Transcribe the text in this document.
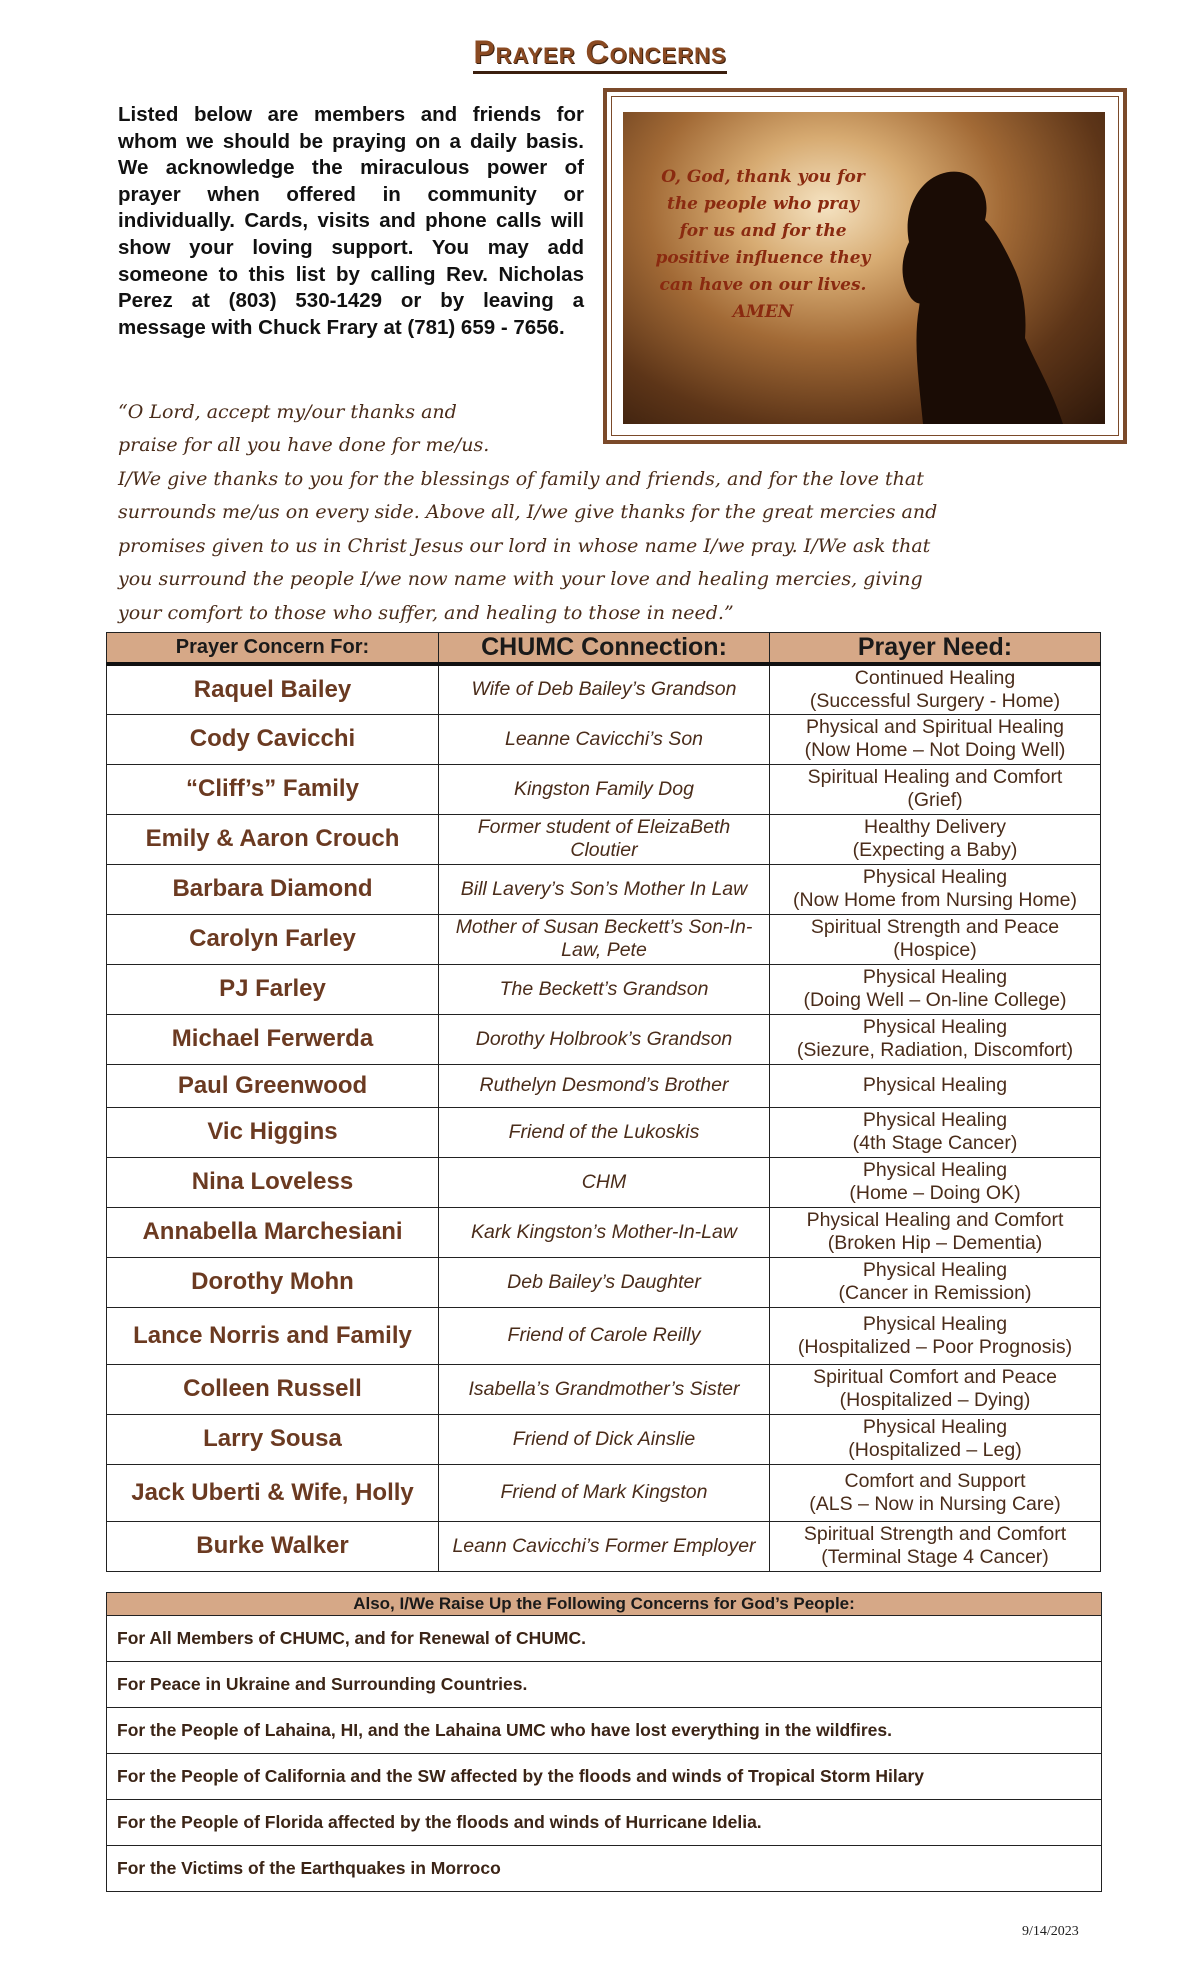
Prayer Concerns
Listed below are members and friends for whom we should be praying on a daily basis. We acknowledge the miraculous power of prayer when offered in community or individually. Cards, visits and phone calls will show your loving support. You may add someone to this list by calling Rev. Nicholas Perez at (803) 530-1429 or by leaving a message with Chuck Frary at (781) 659 - 7656.
O, God, thank you for
the people who pray
for us and for the
positive influence they
can have on our lives.
AMEN
“O Lord, accept my/our thanks and
praise for all you have done for me/us.
I/We give thanks to you for the blessings of family and friends, and for the love that
surrounds me/us on every side. Above all, I/we give thanks for the great mercies and
promises given to us in Christ Jesus our lord in whose name I/we pray. I/We ask that
you surround the people I/we now name with your love and healing mercies, giving
your comfort to those who suffer, and healing to those in need.”
Prayer Concern For:	CHUMC Connection:	Prayer Need:
Raquel Bailey	Wife of Deb Bailey’s Grandson	Continued Healing
(Successful Surgery - Home)

Cody Cavicchi	Leanne Cavicchi’s Son	Physical and Spiritual Healing
(Now Home – Not Doing Well)

“Cliff’s” Family	Kingston Family Dog	Spiritual Healing and Comfort
(Grief)

Emily & Aaron Crouch	Former student of EleizaBeth Cloutier	Healthy Delivery
(Expecting a Baby)

Barbara Diamond	Bill Lavery’s Son’s Mother In Law	Physical Healing
(Now Home from Nursing Home)

Carolyn Farley	Mother of Susan Beckett’s Son-In-Law, Pete	Spiritual Strength and Peace
(Hospice)

PJ Farley	The Beckett’s Grandson	Physical Healing
(Doing Well – On-line College)

Michael Ferwerda	Dorothy Holbrook’s Grandson	Physical Healing
(Siezure, Radiation, Discomfort)

Paul Greenwood	Ruthelyn Desmond’s Brother	Physical Healing

Vic Higgins	Friend of the Lukoskis	Physical Healing
(4th Stage Cancer)

Nina Loveless	CHM	Physical Healing
(Home – Doing OK)

Annabella Marchesiani	Kark Kingston’s Mother-In-Law	Physical Healing and Comfort
(Broken Hip – Dementia)

Dorothy Mohn	Deb Bailey’s Daughter	Physical Healing
(Cancer in Remission)

Lance Norris and Family	Friend of Carole Reilly	Physical Healing
(Hospitalized – Poor Prognosis)

Colleen Russell	Isabella’s Grandmother’s Sister	Spiritual Comfort and Peace
(Hospitalized – Dying)

Larry Sousa	Friend of Dick Ainslie	Physical Healing
(Hospitalized – Leg)

Jack Uberti & Wife, Holly	Friend of Mark Kingston	Comfort and Support
(ALS – Now in Nursing Care)

Burke Walker	Leann Cavicchi’s Former Employer	Spiritual Strength and Comfort
(Terminal Stage 4 Cancer)
Also, I/We Raise Up the Following Concerns for God’s People:
For All Members of CHUMC, and for Renewal of CHUMC.
For Peace in Ukraine and Surrounding Countries.
For the People of Lahaina, HI, and the Lahaina UMC who have lost everything in the wildfires.
For the People of California and the SW affected by the floods and winds of Tropical Storm Hilary
For the People of Florida affected by the floods and winds of Hurricane Idelia.
For the Victims of the Earthquakes in Morroco
9/14/2023
